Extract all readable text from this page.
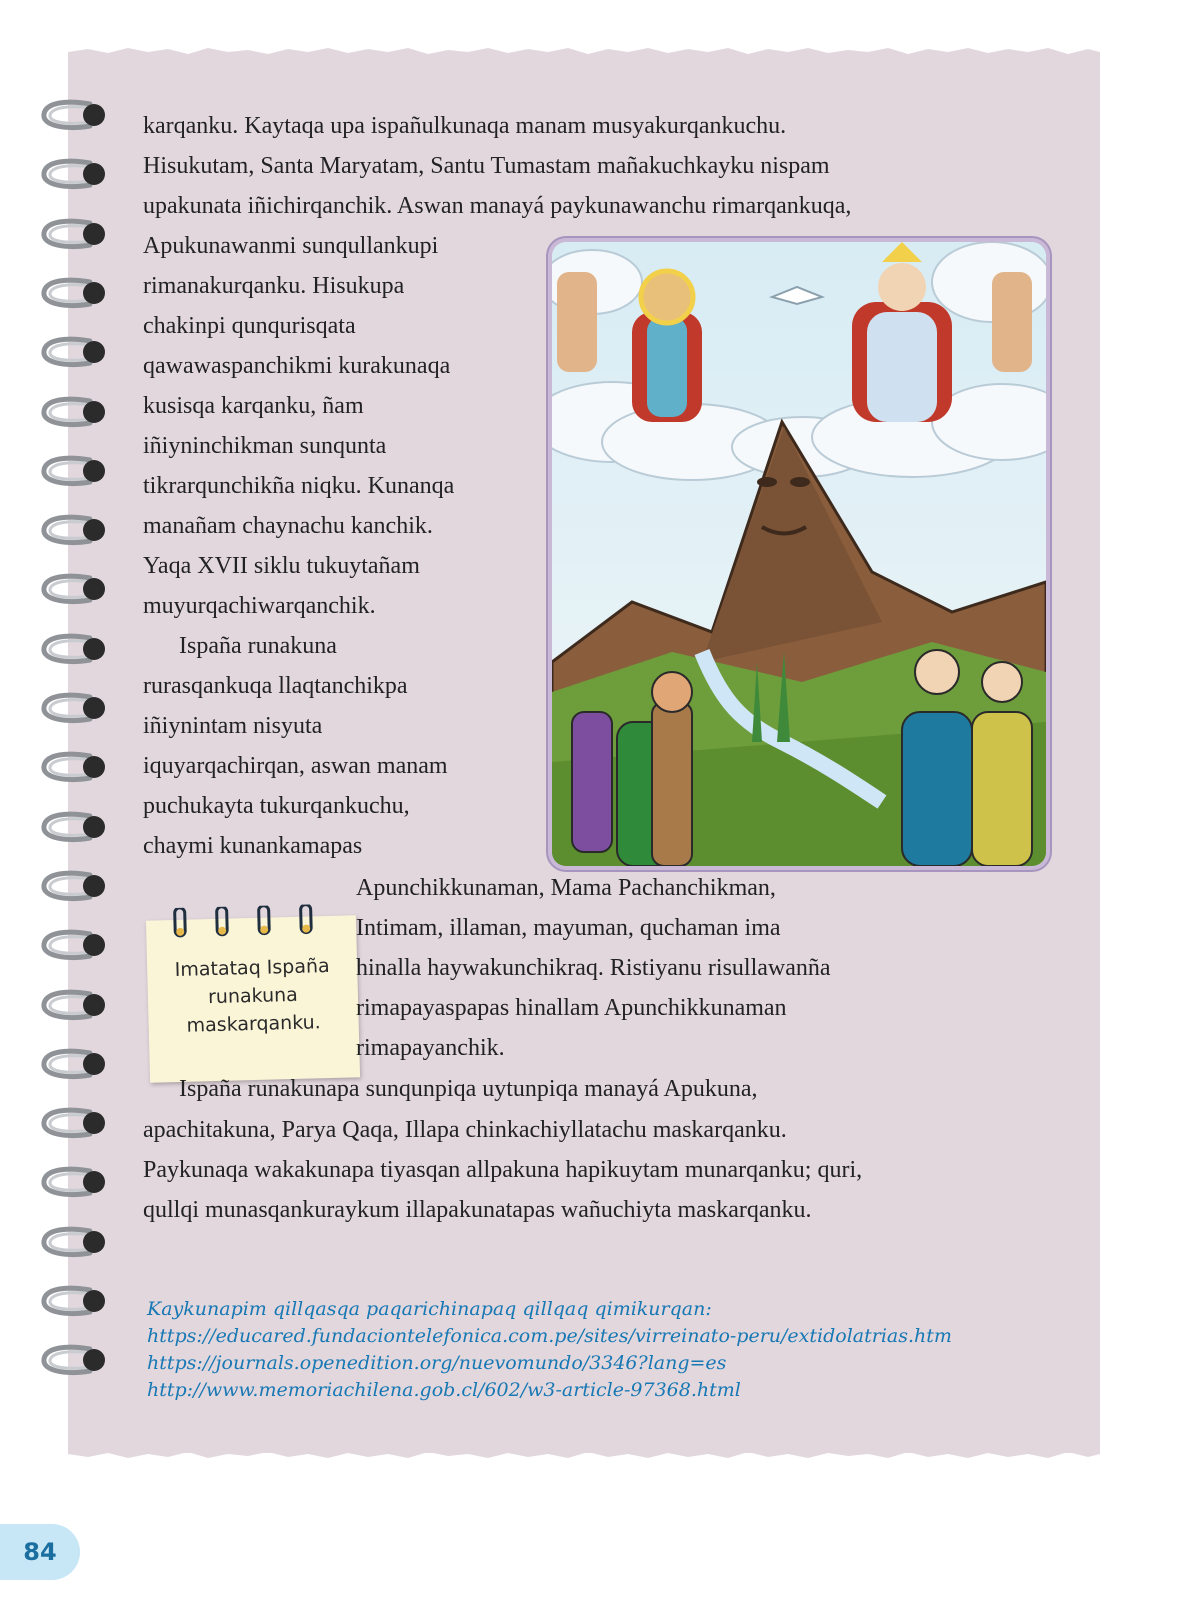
karqanku. Kaytaqa upa ispañulkunaqa manam musyakurqankuchu.

Hisukutam, Santa Maryatam, Santu Tumastam mañakuchkayku nispam

upakunata iñichirqanchik. Aswan manayá paykunawanchu rimarqankuqa,

Apukunawanmi sunqullankupi

rimanakurqanku. Hisukupa

chakinpi qunqurisqata

qawawaspanchikmi kurakunaqa

kusisqa karqanku, ñam

iñiyninchikman sunqunta

tikrarqunchikña niqku. Kunanqa

manañam chaynachu kanchik.

Yaqa XVII siklu tukuytañam

muyurqachiwarqanchik.

Ispaña runakuna

rurasqankuqa llaqtanchikpa

iñiynintam nisyuta

iquyarqachirqan, aswan manam

puchukayta tukurqankuchu,

chaymi kunankamapas

Imatataq Ispaña
runakuna
maskarqanku.

Apunchikkunaman, Mama Pachanchikman,

Intimam, illaman, mayuman, quchaman ima

hinalla haywakunchikraq. Ristiyanu risullawanña

rimapayaspapas hinallam Apunchikkunaman

rimapayanchik.

Ispaña runakunapa sunqunpiqa uytunpiqa manayá Apukuna,

apachitakuna, Parya Qaqa, Illapa chinkachiyllatachu maskarqanku.

Paykunaqa wakakunapa tiyasqan allpakuna hapikuytam munarqanku; quri,

qullqi munasqankuraykum illapakunatapas wañuchiyta maskarqanku.

Kaykunapim qillqasqa paqarichinapaq qillqaq qimikurqan:
https://educared.fundaciontelefonica.com.pe/sites/virreinato-peru/extidolatrias.htm
https://journals.openedition.org/nuevomundo/3346?lang=es
http://www.memoriachilena.gob.cl/602/w3-article-97368.html
84
